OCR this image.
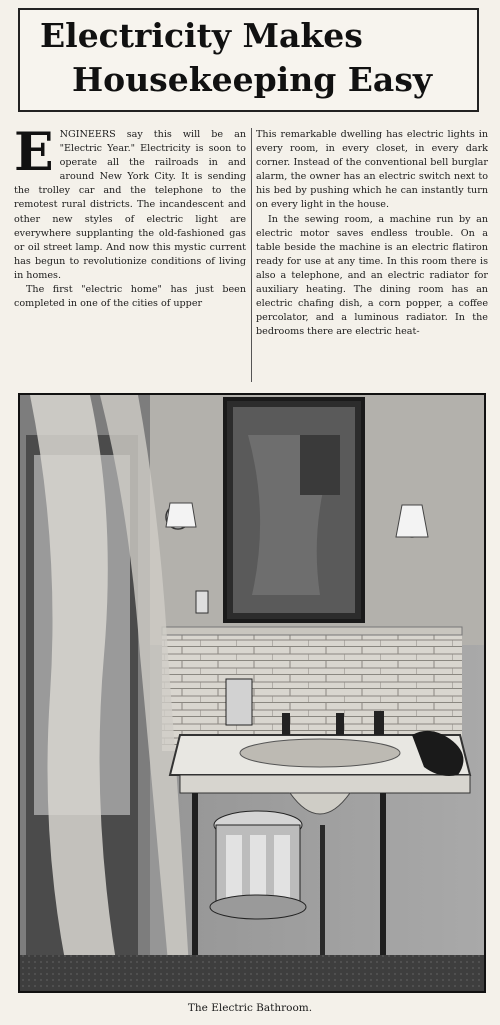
Electricity Makes
Housekeeping Easy
E NGINEERS say this will be an "Electric Year." Electricity is soon to operate all the railroads in and around New York City. It is sending the trolley car and the telephone to the remotest rural districts. The incandescent and other new styles of electric light are everywhere supplanting the old-fashioned gas or oil street lamp. And now this mystic current has begun to revolutionize conditions of living in homes.

The first "electric home" has just been completed in one of the cities of upper

This remarkable dwelling has electric lights in every room, in every closet, in every dark corner. Instead of the conventional bell burglar alarm, the owner has an electric switch next to his bed by pushing which he can instantly turn on every light in the house.

In the sewing room, a machine run by an electric motor saves endless trouble. On a table beside the machine is an electric flatiron ready for use at any time. In this room there is also a telephone, and an electric radiator for auxiliary heating. The dining room has an electric chafing dish, a corn popper, a coffee percolator, and a luminous radiator. In the bedrooms there are electric heat-

The Electric Bathroom.
